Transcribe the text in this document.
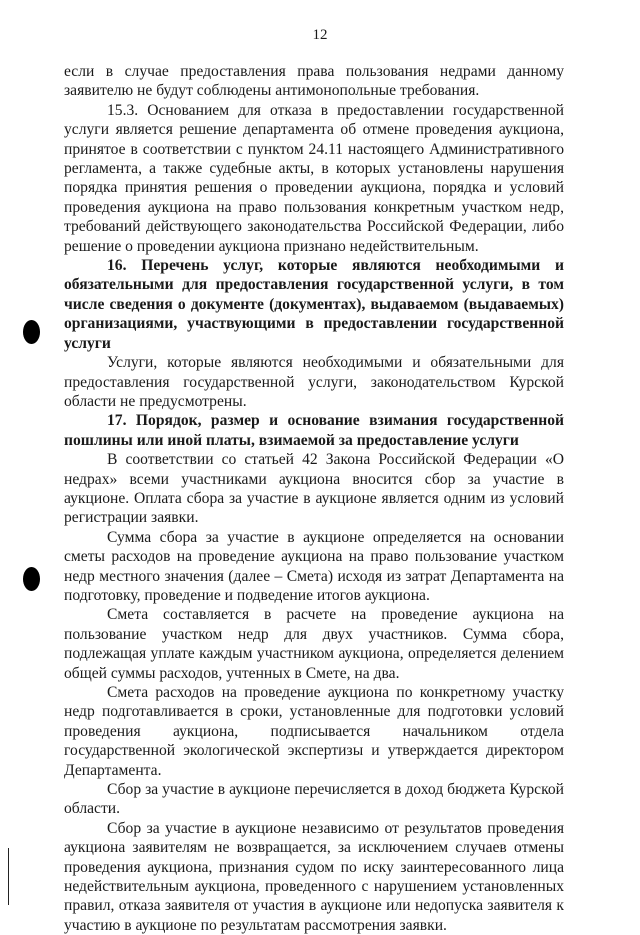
12

если в случае предоставления права пользования недрами данному заявителю не будут соблюдены антимонопольные требования.

15.3. Основанием для отказа в предоставлении государственной услуги является решение департамента об отмене проведения аукциона, принятое в соответствии с пунктом 24.11 настоящего Административного регламента, а также судебные акты, в которых установлены нарушения порядка принятия решения о проведении аукциона, порядка и условий проведения аукциона на право пользования конкретным участком недр, требований действующего законодательства Российской Федерации, либо решение о проведении аукциона признано недействительным.

16. Перечень услуг, которые являются необходимыми и обязательными для предоставления государственной услуги, в том числе сведения о документе (документах), выдаваемом (выдаваемых) организациями, участвующими в предоставлении государственной услуги

Услуги, которые являются необходимыми и обязательными для предоставления государственной услуги, законодательством Курской области не предусмотрены.

17. Порядок, размер и основание взимания государственной пошлины или иной платы, взимаемой за предоставление услуги

В соответствии со статьей 42 Закона Российской Федерации «О недрах» всеми участниками аукциона вносится сбор за участие в аукционе. Оплата сбора за участие в аукционе является одним из условий регистрации заявки.

Сумма сбора за участие в аукционе определяется на основании сметы расходов на проведение аукциона на право пользование участком недр местного значения (далее – Смета) исходя из затрат Департамента на подготовку, проведение и подведение итогов аукциона.

Смета составляется в расчете на проведение аукциона на пользование участком недр для двух участников. Сумма сбора, подлежащая уплате каждым участником аукциона, определяется делением общей суммы расходов, учтенных в Смете, на два.

Смета расходов на проведение аукциона по конкретному участку недр подготавливается в сроки, установленные для подготовки условий проведения аукциона, подписывается начальником отдела государственной экологической экспертизы и утверждается директором Департамента.

Сбор за участие в аукционе перечисляется в доход бюджета Курской области.

Сбор за участие в аукционе независимо от результатов проведения аукциона заявителям не возвращается, за исключением случаев отмены проведения аукциона, признания судом по иску заинтересованного лица недействительным аукциона, проведенного с нарушением установленных правил, отказа заявителя от участия в аукционе или недопуска заявителя к участию в аукционе по результатам рассмотрения заявки.
